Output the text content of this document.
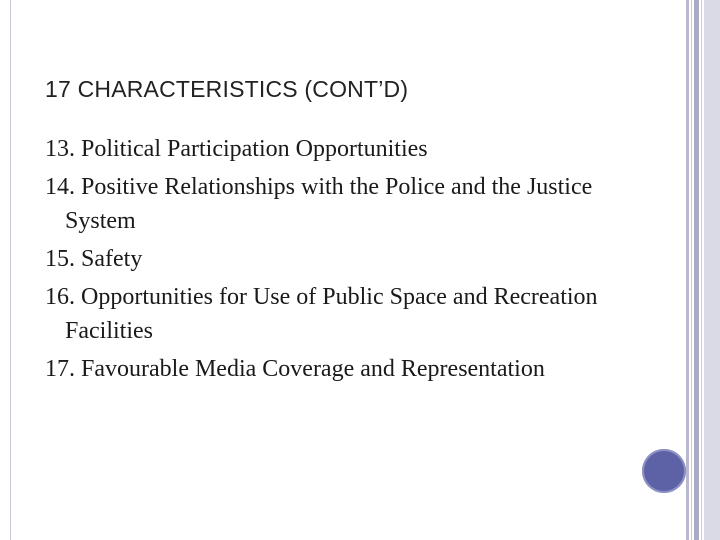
17 CHARACTERISTICS (CONT’D)
13. Political Participation Opportunities
14. Positive Relationships with the Police and the Justice System
15. Safety
16. Opportunities for Use of Public Space and Recreation Facilities
17. Favourable Media Coverage and Representation
